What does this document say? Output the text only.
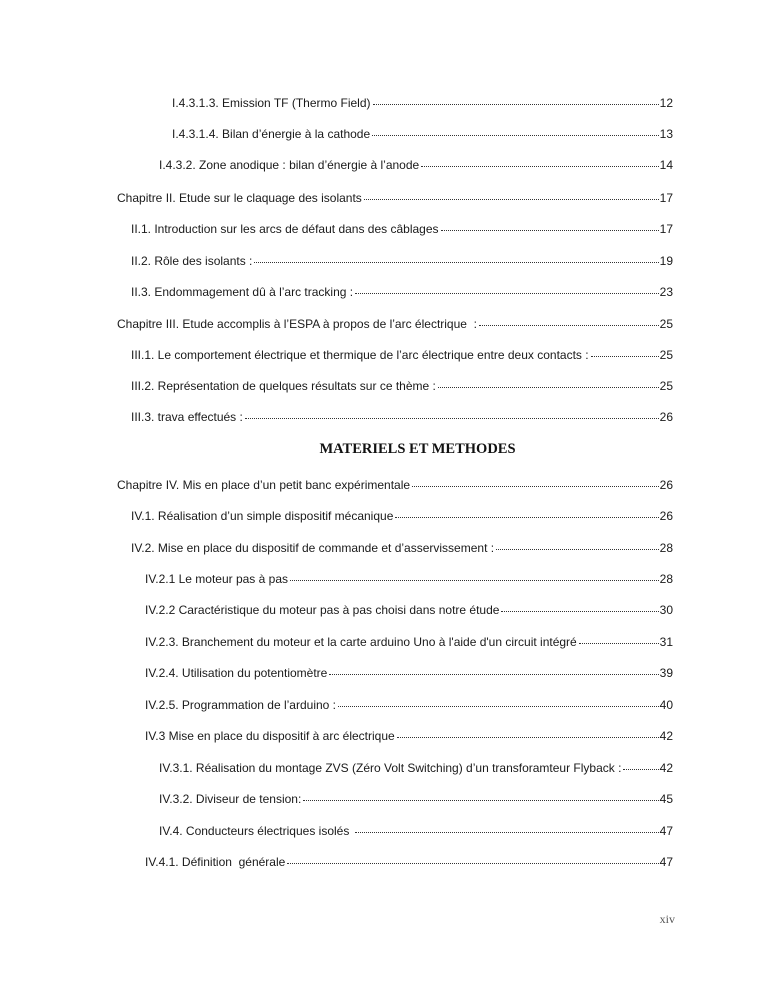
I.4.3.1.3. Emission TF (Thermo Field)	12
I.4.3.1.4. Bilan d’énergie à la cathode	13
I.4.3.2. Zone anodique : bilan d’énergie à l’anode	14
Chapitre II. Etude sur le claquage des isolants	17
II.1. Introduction sur les arcs de défaut dans des câblages	17
II.2. Rôle des isolants :	19
II.3. Endommagement dû à l’arc tracking :	23
Chapitre III. Etude accomplis à l’ESPA à propos de l’arc électrique  :	25
III.1. Le comportement électrique et thermique de l’arc électrique entre deux contacts :	25
III.2. Représentation de quelques résultats sur ce thème :	25
III.3. trava effectués :	26
MATERIELS ET METHODES
Chapitre IV. Mis en place d’un petit banc expérimentale	26
IV.1. Réalisation d’un simple dispositif mécanique	26
IV.2. Mise en place du dispositif de commande et d’asservissement :	28
IV.2.1 Le moteur pas à pas	28
IV.2.2 Caractéristique du moteur pas à pas choisi dans notre étude	30
IV.2.3. Branchement du moteur et la carte arduino Uno à l'aide d'un circuit intégré	31
IV.2.4. Utilisation du potentiomètre	39
IV.2.5. Programmation de l’arduino :	40
IV.3 Mise en place du dispositif à arc électrique	42
IV.3.1. Réalisation du montage ZVS (Zéro Volt Switching) d’un transforamteur Flyback :	42
IV.3.2. Diviseur de tension:	45
IV.4. Conducteurs électriques isolés	47
IV.4.1. Définition  générale	47
xiv
